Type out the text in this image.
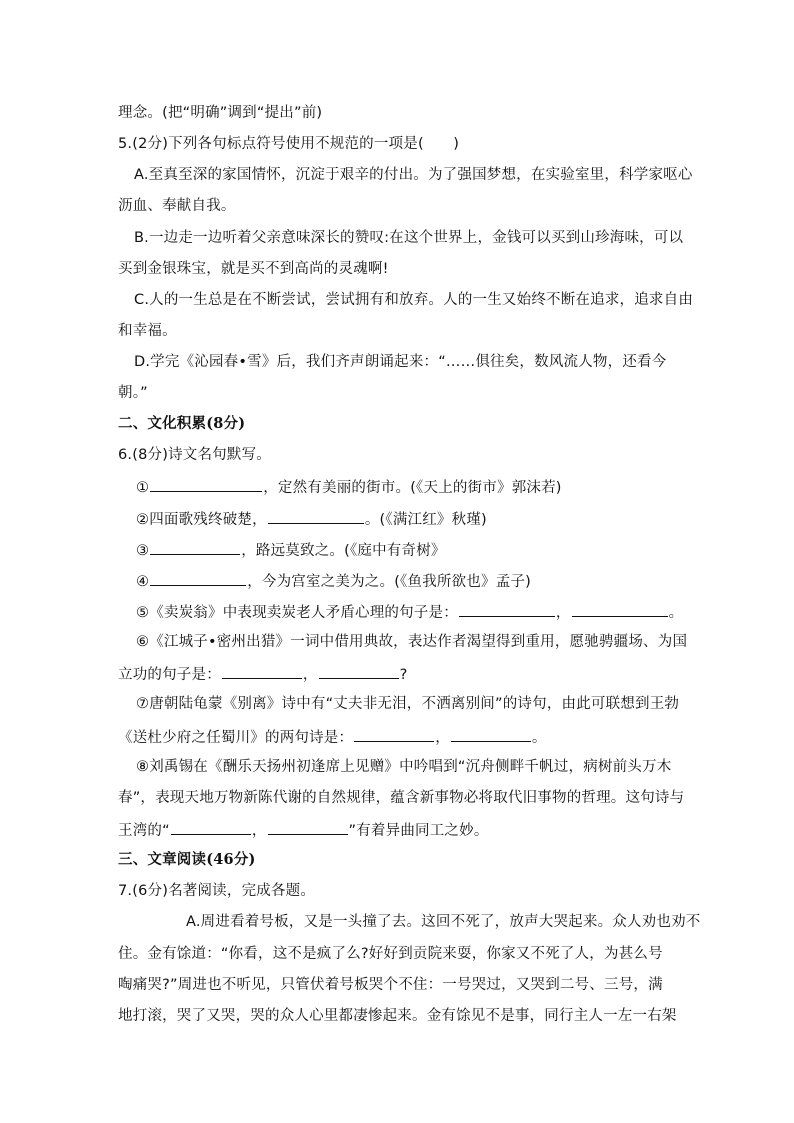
理念。(把“明确”调到“提出”前)
5.(2分)下列各句标点符号使用不规范的一项是(　　)
A.至真至深的家国情怀，沉淀于艰辛的付出。为了强国梦想，在实验室里，科学家呕心
沥血、奉献自我。
B.一边走一边听着父亲意味深长的赞叹:在这个世界上，金钱可以买到山珍海味，可以
买到金银珠宝，就是买不到高尚的灵魂啊!
C.人的一生总是在不断尝试，尝试拥有和放弃。人的一生又始终不断在追求，追求自由
和幸福。
D.学完《沁园春•雪》后，我们齐声朗诵起来：“……俱往矣，数风流人物，还看今
朝。”
二、文化积累(8分)
6.(8分)诗文名句默写。
①	，定然有美丽的街市。(《天上的街市》郭沫若)
②四面歌残终破楚，	。(《满江红》秋瑾)
③	，路远莫致之。(《庭中有奇树》
④	，今为宫室之美为之。(《鱼我所欲也》孟子)
⑤《卖炭翁》中表现卖炭老人矛盾心理的句子是：	，	。
⑥《江城子•密州出猎》一词中借用典故，表达作者渴望得到重用，愿驰骋疆场、为国
立功的句子是：	，	?
⑦唐朝陆龟蒙《别离》诗中有“丈夫非无泪，不洒离别间”的诗句，由此可联想到王勃
《送杜少府之任蜀川》的两句诗是：	，	。
⑧刘禹锡在《酬乐天扬州初逢席上见赠》中吟唱到“沉舟侧畔千帆过，病树前头万木
春”，表现天地万物新陈代谢的自然规律，蕴含新事物必将取代旧事物的哲理。这句诗与
王湾的“	，	”有着异曲同工之妙。
三、文章阅读(46分)
7.(6分)名著阅读，完成各题。
A.周进看着号板，又是一头撞了去。这回不死了，放声大哭起来。众人劝也劝不
住。金有馀道：“你看，这不是疯了么?好好到贡院来耍，你家又不死了人，为甚么号
啕痛哭?”周进也不听见，只管伏着号板哭个不住：一号哭过，又哭到二号、三号，满
地打滚，哭了又哭，哭的众人心里都凄惨起来。金有馀见不是事，同行主人一左一右架
